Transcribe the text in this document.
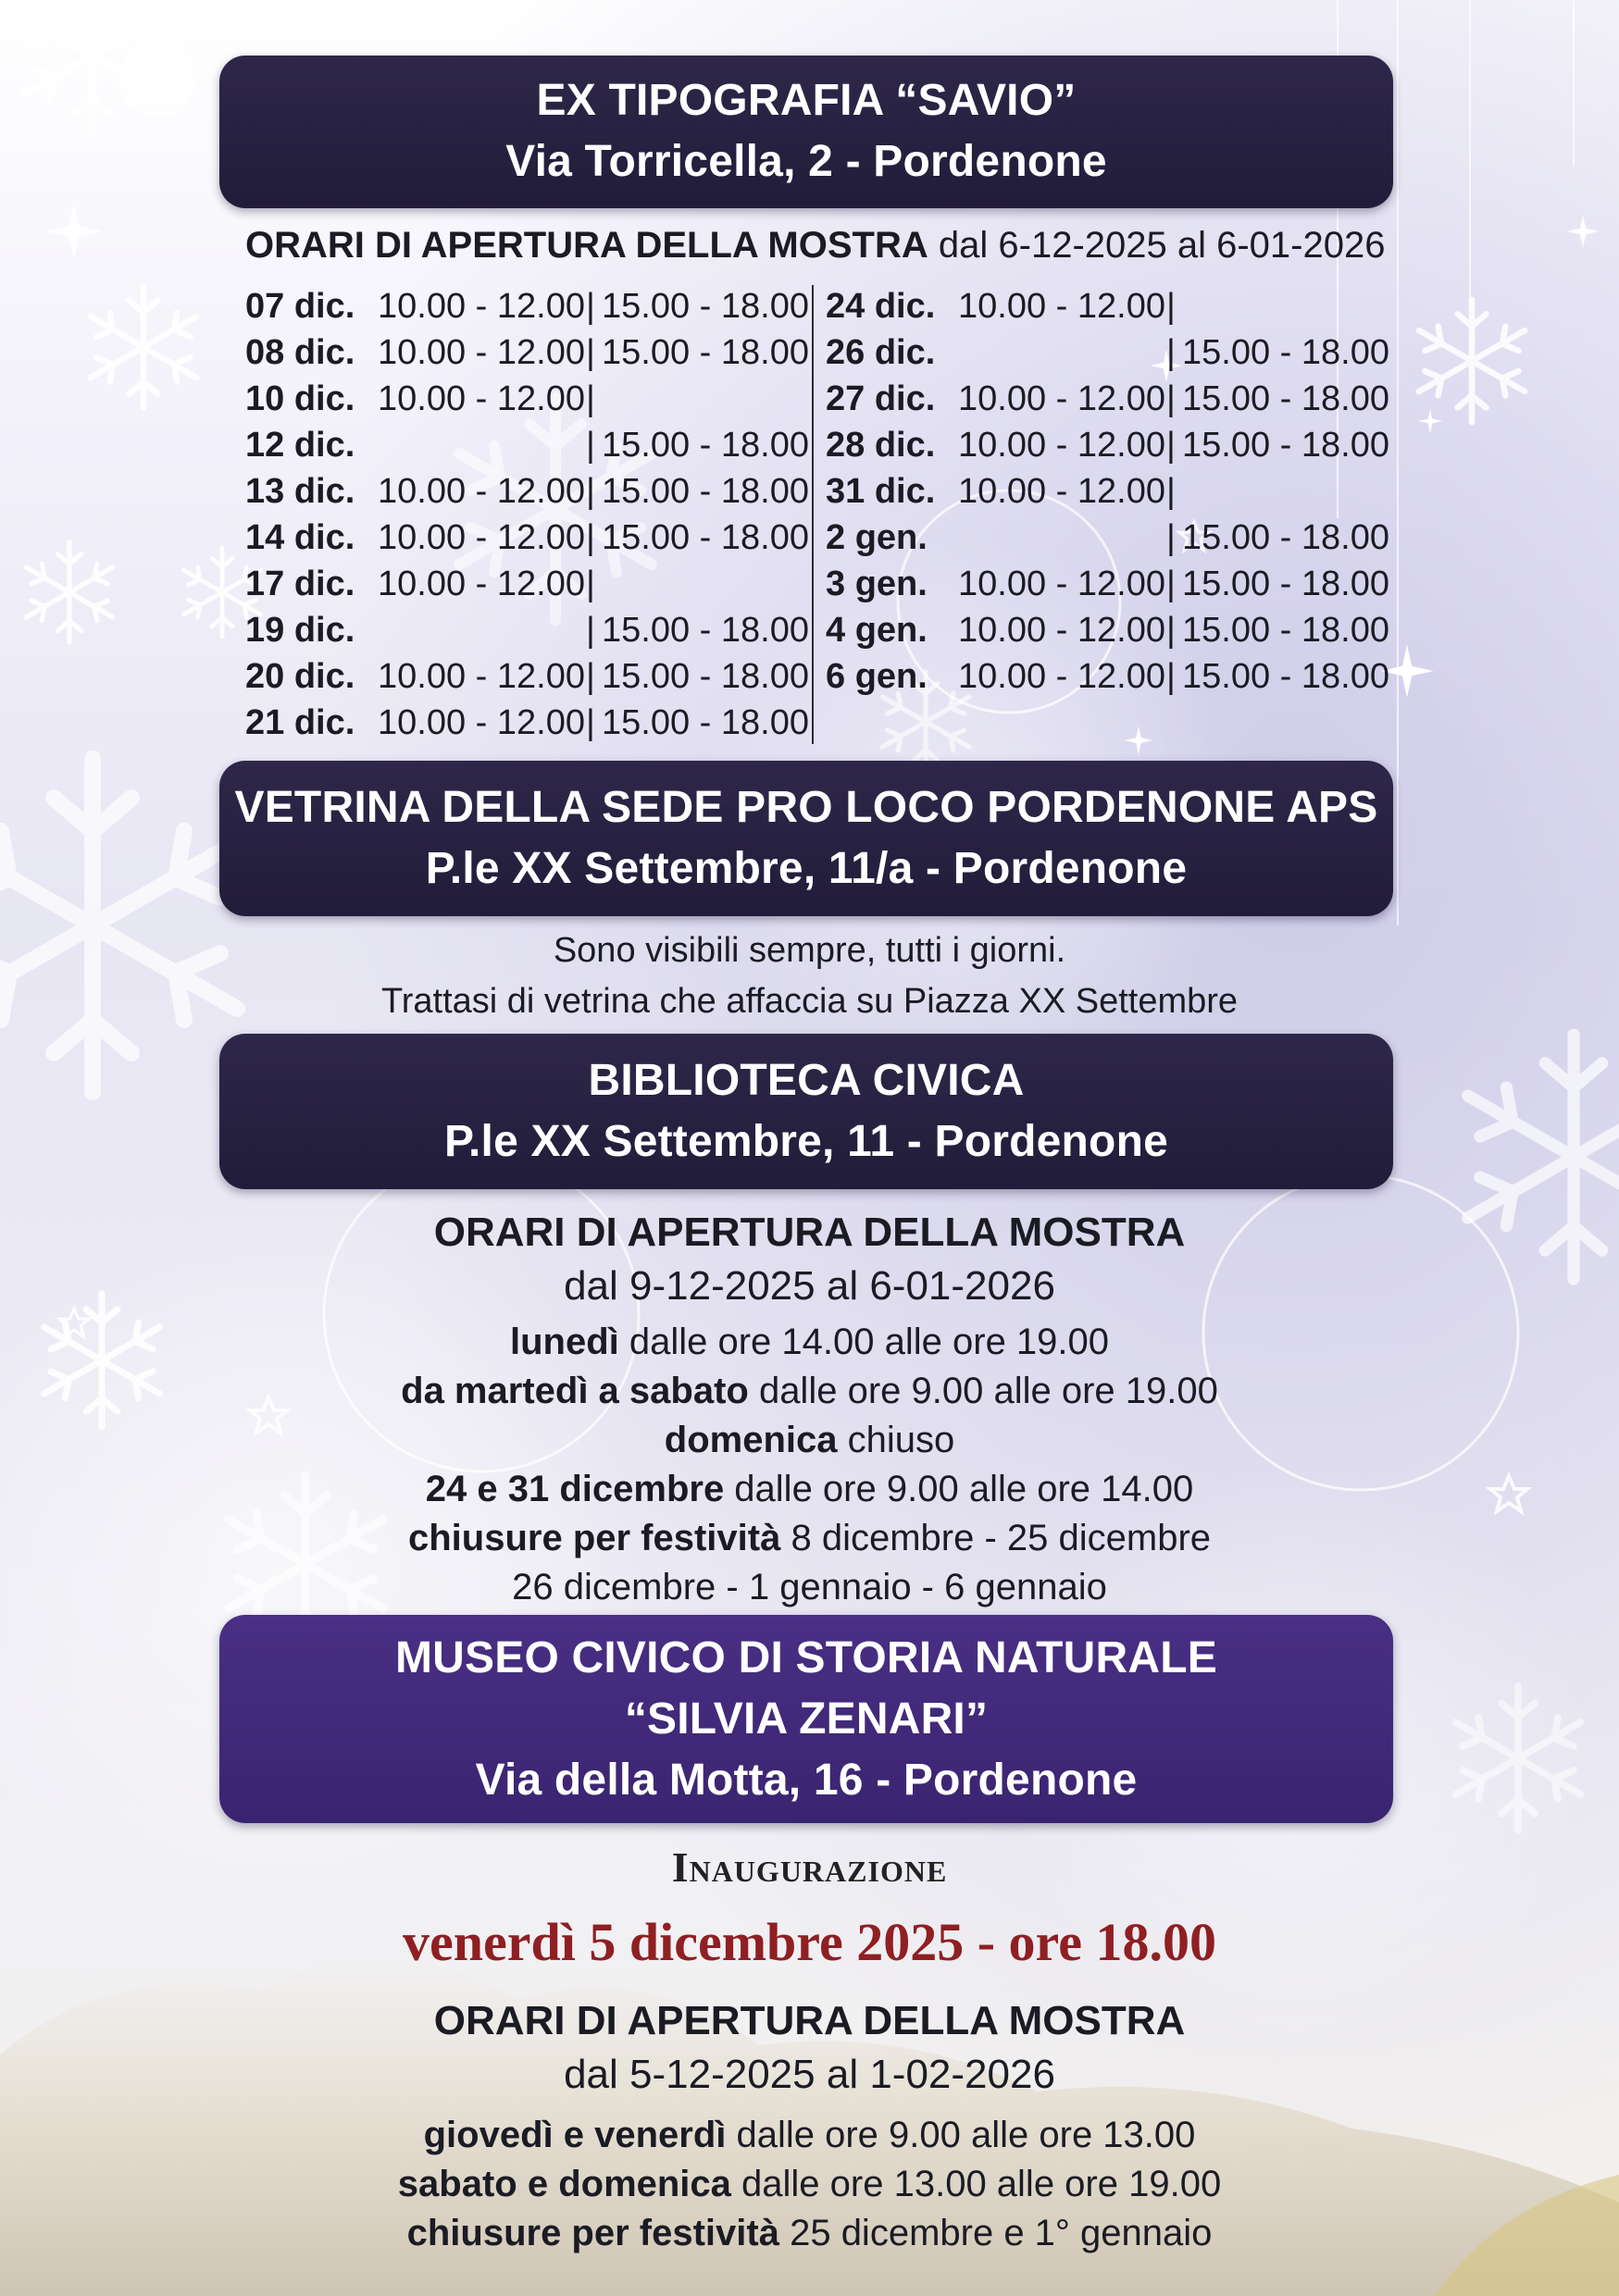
EX TIPOGRAFIA “SAVIO”
Via Torricella, 2 - Pordenone
ORARI DI APERTURA DELLA MOSTRA dal 6-12-2025 al 6-01-2026
07 dic. 10.00 - 12.00 | 15.00 - 18.00
08 dic. 10.00 - 12.00 | 15.00 - 18.00
10 dic. 10.00 - 12.00 |
12 dic.	| 15.00 - 18.00
13 dic. 10.00 - 12.00 | 15.00 - 18.00
14 dic. 10.00 - 12.00 | 15.00 - 18.00
17 dic. 10.00 - 12.00 |
19 dic.	| 15.00 - 18.00
20 dic. 10.00 - 12.00 | 15.00 - 18.00
21 dic. 10.00 - 12.00 | 15.00 - 18.00
24 dic. 10.00 - 12.00 |
26 dic.	| 15.00 - 18.00
27 dic. 10.00 - 12.00 | 15.00 - 18.00
28 dic. 10.00 - 12.00 | 15.00 - 18.00
31 dic. 10.00 - 12.00 |
2 gen.	| 15.00 - 18.00
3 gen. 10.00 - 12.00 | 15.00 - 18.00
4 gen. 10.00 - 12.00 | 15.00 - 18.00
6 gen. 10.00 - 12.00 | 15.00 - 18.00
VETRINA DELLA SEDE PRO LOCO PORDENONE APS
P.le XX Settembre, 11/a - Pordenone
Sono visibili sempre, tutti i giorni.
Trattasi di vetrina che affaccia su Piazza XX Settembre
BIBLIOTECA CIVICA
P.le XX Settembre, 11 - Pordenone
ORARI DI APERTURA DELLA MOSTRA
dal 9-12-2025 al 6-01-2026
lunedì dalle ore 14.00 alle ore 19.00
da martedì a sabato dalle ore 9.00 alle ore 19.00
domenica chiuso
24 e 31 dicembre dalle ore 9.00 alle ore 14.00
chiusure per festività 8 dicembre - 25 dicembre
26 dicembre - 1 gennaio - 6 gennaio
MUSEO CIVICO DI STORIA NATURALE
“SILVIA ZENARI”
Via della Motta, 16 - Pordenone
Inaugurazione
venerdì 5 dicembre 2025 - ore 18.00
ORARI DI APERTURA DELLA MOSTRA
dal 5-12-2025 al 1-02-2026
giovedì e venerdì dalle ore 9.00 alle ore 13.00
sabato e domenica dalle ore 13.00 alle ore 19.00
chiusure per festività 25 dicembre e 1° gennaio
